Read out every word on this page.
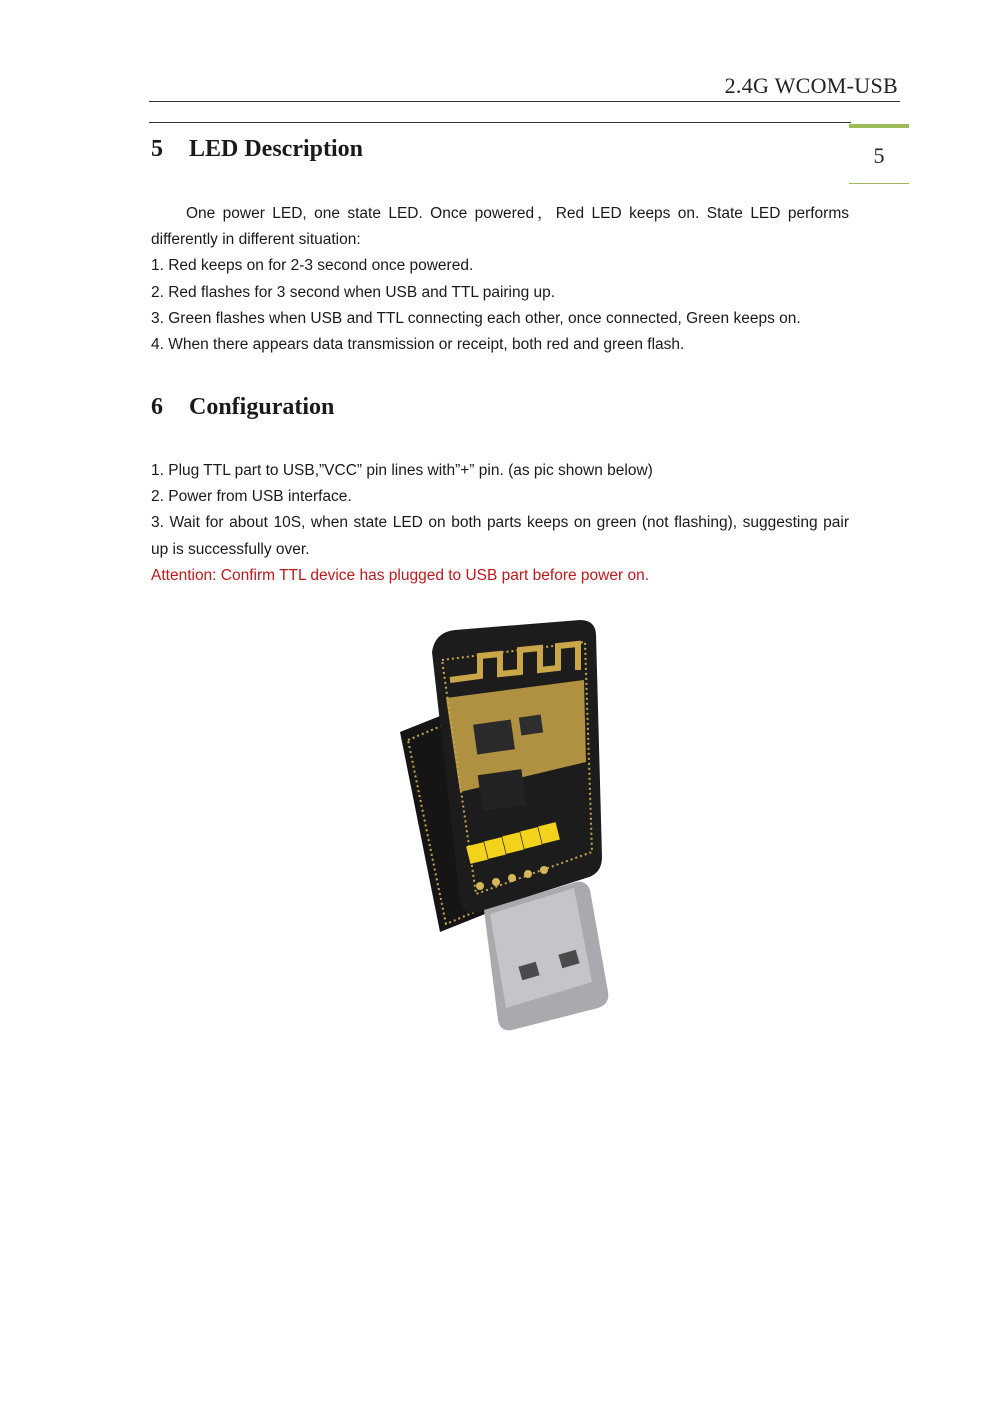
2.4G WCOM-USB
5
5 LED Description

One power LED, one state LED. Once powered，Red LED keeps on. State LED performs differently in different situation:

1. Red keeps on for 2-3 second once powered.

2. Red flashes for 3 second when USB and TTL pairing up.

3. Green flashes when USB and TTL connecting each other, once connected, Green keeps on.

4. When there appears data transmission or receipt, both red and green flash.

6 Configuration

1. Plug TTL part to USB,”VCC” pin lines with”+” pin. (as pic shown below)

2. Power from USB interface.

3. Wait for about 10S, when state LED on both parts keeps on green (not flashing), suggesting pair up is successfully over.

Attention: Confirm TTL device has plugged to USB part before power on.
